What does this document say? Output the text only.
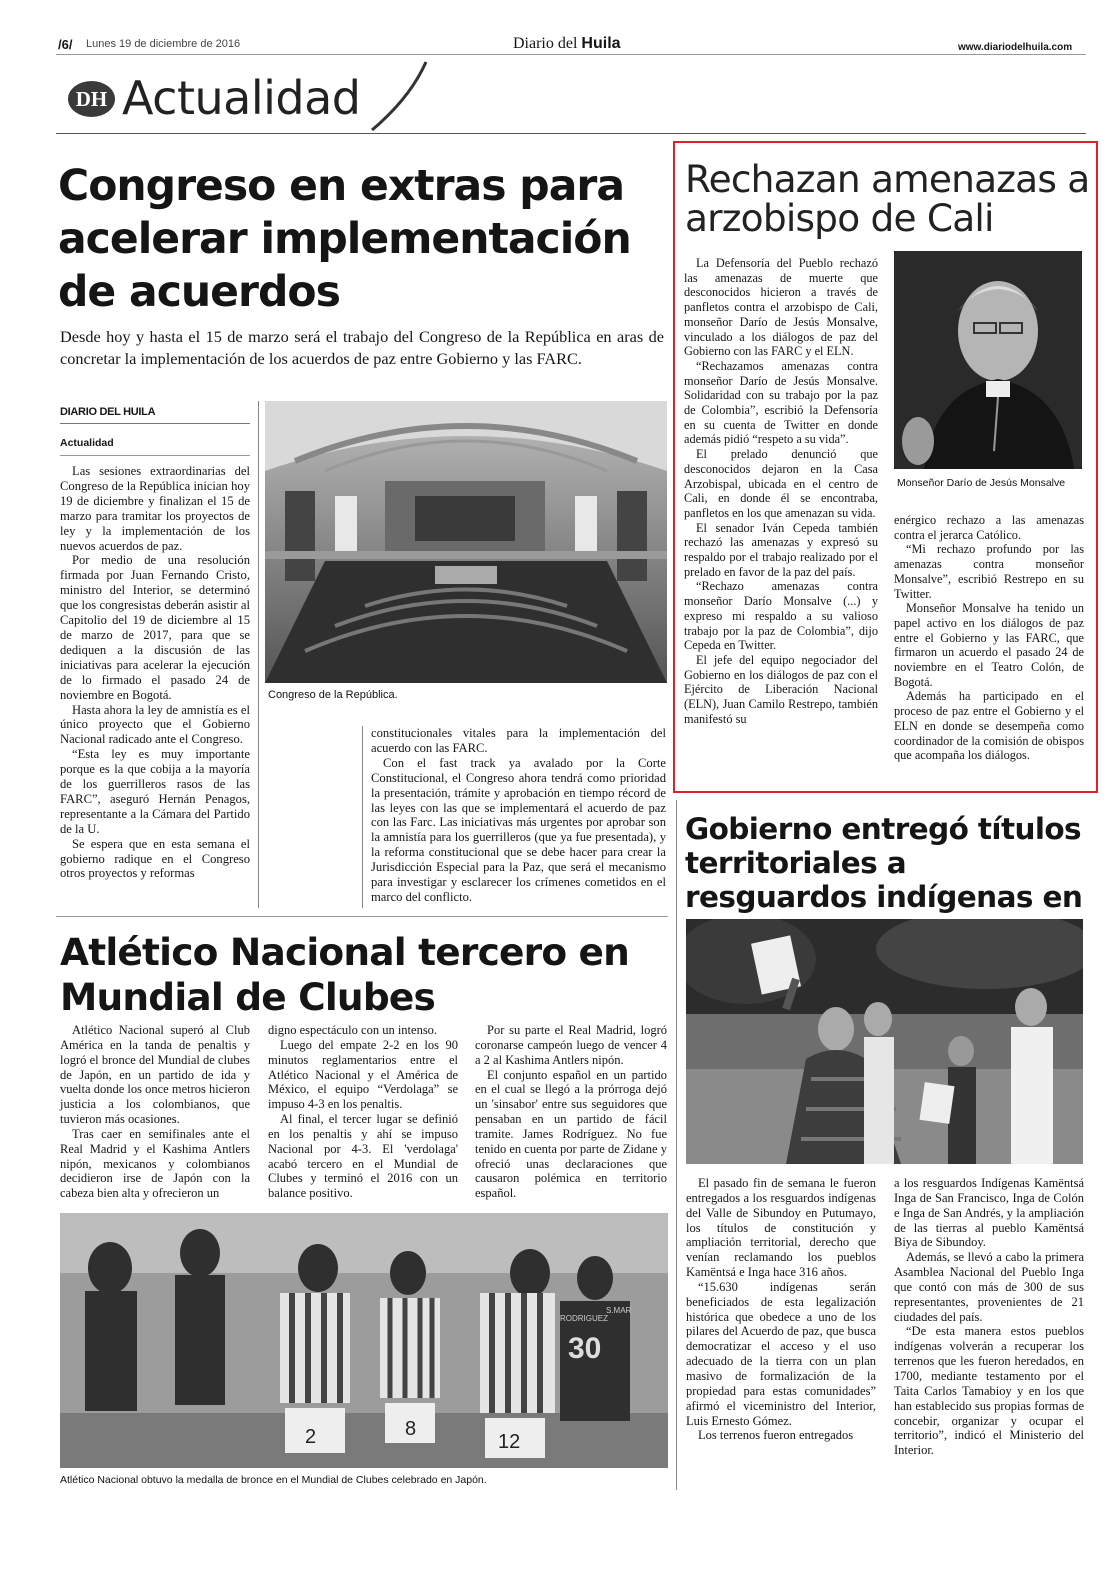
/6/ Lunes 19 de diciembre de 2016	Diario del Huila	www.diariodelhuila.com
DH Actualidad
Congreso en extras para acelerar implementación de acuerdos
Desde hoy y hasta el 15 de marzo será el trabajo del Congreso de la República en aras de concretar la implementación de los acuerdos de paz entre Gobierno y las FARC.
DIARIO DEL HUILA
Actualidad

Las sesiones extraordinarias del Congreso de la República inician hoy 19 de diciembre y finalizan el 15 de marzo para tramitar los proyectos de ley y la implementación de los nuevos acuerdos de paz.

Por medio de una resolución firmada por Juan Fernando Cristo, ministro del Interior, se determinó que los congresistas deberán asistir al Capitolio del 19 de diciembre al 15 de marzo de 2017, para que se dediquen a la discusión de las iniciativas para acelerar la ejecución de lo firmado el pasado 24 de noviembre en Bogotá.

Hasta ahora la ley de amnistía es el único proyecto que el Gobierno Nacional radicado ante el Congreso.

“Esta ley es muy importante porque es la que cobija a la mayoría de los guerrilleros rasos de las FARC”, aseguró Hernán Penagos, representante a la Cámara del Partido de la U.

Se espera que en esta semana el gobierno radique en el Congreso otros proyectos y reformas

Congreso de la República.

constitucionales vitales para la implementación del acuerdo con las FARC.

Con el fast track ya avalado por la Corte Constitucional, el Congreso ahora tendrá como prioridad la presentación, trámite y aprobación en tiempo récord de las leyes con las que se implementará el acuerdo de paz con las Farc. Las iniciativas más urgentes por aprobar son la amnistía para los guerrilleros (que ya fue presentada), y la reforma constitucional que se debe hacer para crear la Jurisdicción Especial para la Paz, que será el mecanismo para investigar y esclarecer los crímenes cometidos en el marco del conflicto.

Rechazan amenazas a arzobispo de Cali

La Defensoría del Pueblo rechazó las amenazas de muerte que desconocidos hicieron a través de panfletos contra el arzobispo de Cali, monseñor Darío de Jesús Monsalve, vinculado a los diálogos de paz del Gobierno con las FARC y el ELN.

“Rechazamos amenazas contra monseñor Darío de Jesús Monsalve. Solidaridad con su trabajo por la paz de Colombia”, escribió la Defensoría en su cuenta de Twitter en donde además pidió “respeto a su vida”.

El prelado denunció que desconocidos dejaron en la Casa Arzobispal, ubicada en el centro de Cali, en donde él se encontraba, panfletos en los que amenazan su vida.

El senador Iván Cepeda también rechazó las amenazas y expresó su respaldo por el trabajo realizado por el prelado en favor de la paz del país.

“Rechazo amenazas contra monseñor Darío Monsalve (...) y expreso mi respaldo a su valioso trabajo por la paz de Colombia”, dijo Cepeda en Twitter.

El jefe del equipo negociador del Gobierno en los diálogos de paz con el Ejército de Liberación Nacional (ELN), Juan Camilo Restrepo, también manifestó su

Monseñor Darío de Jesús Monsalve

enérgico rechazo a las amenazas contra el jerarca Católico.

“Mi rechazo profundo por las amenazas contra monseñor Monsalve”, escribió Restrepo en su Twitter.

Monseñor Monsalve ha tenido un papel activo en los diálogos de paz entre el Gobierno y las FARC, que firmaron un acuerdo el pasado 24 de noviembre en el Teatro Colón, de Bogotá.

Además ha participado en el proceso de paz entre el Gobierno y el ELN en donde se desempeña como coordinador de la comisión de obispos que acompaña los diálogos.

Gobierno entregó títulos territoriales a resguardos indígenas en

El pasado fin de semana le fueron entregados a los resguardos indígenas del Valle de Sibundoy en Putumayo, los títulos de constitución y ampliación territorial, derecho que venían reclamando los pueblos Kamëntsá e Inga hace 316 años.

“15.630 indígenas serán beneficiados de esta legalización histórica que obedece a uno de los pilares del Acuerdo de paz, que busca democratizar el acceso y el uso adecuado de la tierra con un plan masivo de formalización de la propiedad para estas comunidades” afirmó el viceministro del Interior, Luis Ernesto Gómez.

Los terrenos fueron entregados

a los resguardos Indígenas Kamëntsá Inga de San Francisco, Inga de Colón e Inga de San Andrés, y la ampliación de las tierras al pueblo Kamëntsá Biya de Sibundoy.

Además, se llevó a cabo la primera Asamblea Nacional del Pueblo Inga que contó con más de 300 de sus representantes, provenientes de 21 ciudades del país.

“De esta manera estos pueblos indígenas volverán a recuperar los terrenos que les fueron heredados, en 1700, mediante testamento por el Taita Carlos Tamabioy y en los que han establecido sus propias formas de concebir, organizar y ocupar el territorio”, indicó el Ministerio del Interior.

Atlético Nacional tercero en Mundial de Clubes

Atlético Nacional superó al Club América en la tanda de penaltis y logró el bronce del Mundial de clubes de Japón, en un partido de ida y vuelta donde los once metros hicieron justicia a los colombianos, que tuvieron más ocasiones.

Tras caer en semifinales ante el Real Madrid y el Kashima Antlers nipón, mexicanos y colombianos decidieron irse de Japón con la cabeza bien alta y ofrecieron un

digno espectáculo con un intenso.

Luego del empate 2-2 en los 90 minutos reglamentarios entre el Atlético Nacional y el América de México, el equipo “Verdolaga” se impuso 4-3 en los penaltis.

Al final, el tercer lugar se definió en los penaltis y ahí se impuso Nacional por 4-3. El 'verdolaga' acabó tercero en el Mundial de Clubes y terminó el 2016 con un balance positivo.

Por su parte el Real Madrid, logró coronarse campeón luego de vencer 4 a 2 al Kashima Antlers nipón.

El conjunto español en un partido en el cual se llegó a la prórroga dejó un 'sinsabor' entre sus seguidores que pensaban en un partido de fácil tramite. James Rodríguez. No fue tenido en cuenta por parte de Zidane y ofreció unas declaraciones que causaron polémica en territorio español.

2	8
12
30
RODRIGUEZ
S.MAR
Atlético Nacional obtuvo la medalla de bronce en el Mundial de Clubes celebrado en Japón.
